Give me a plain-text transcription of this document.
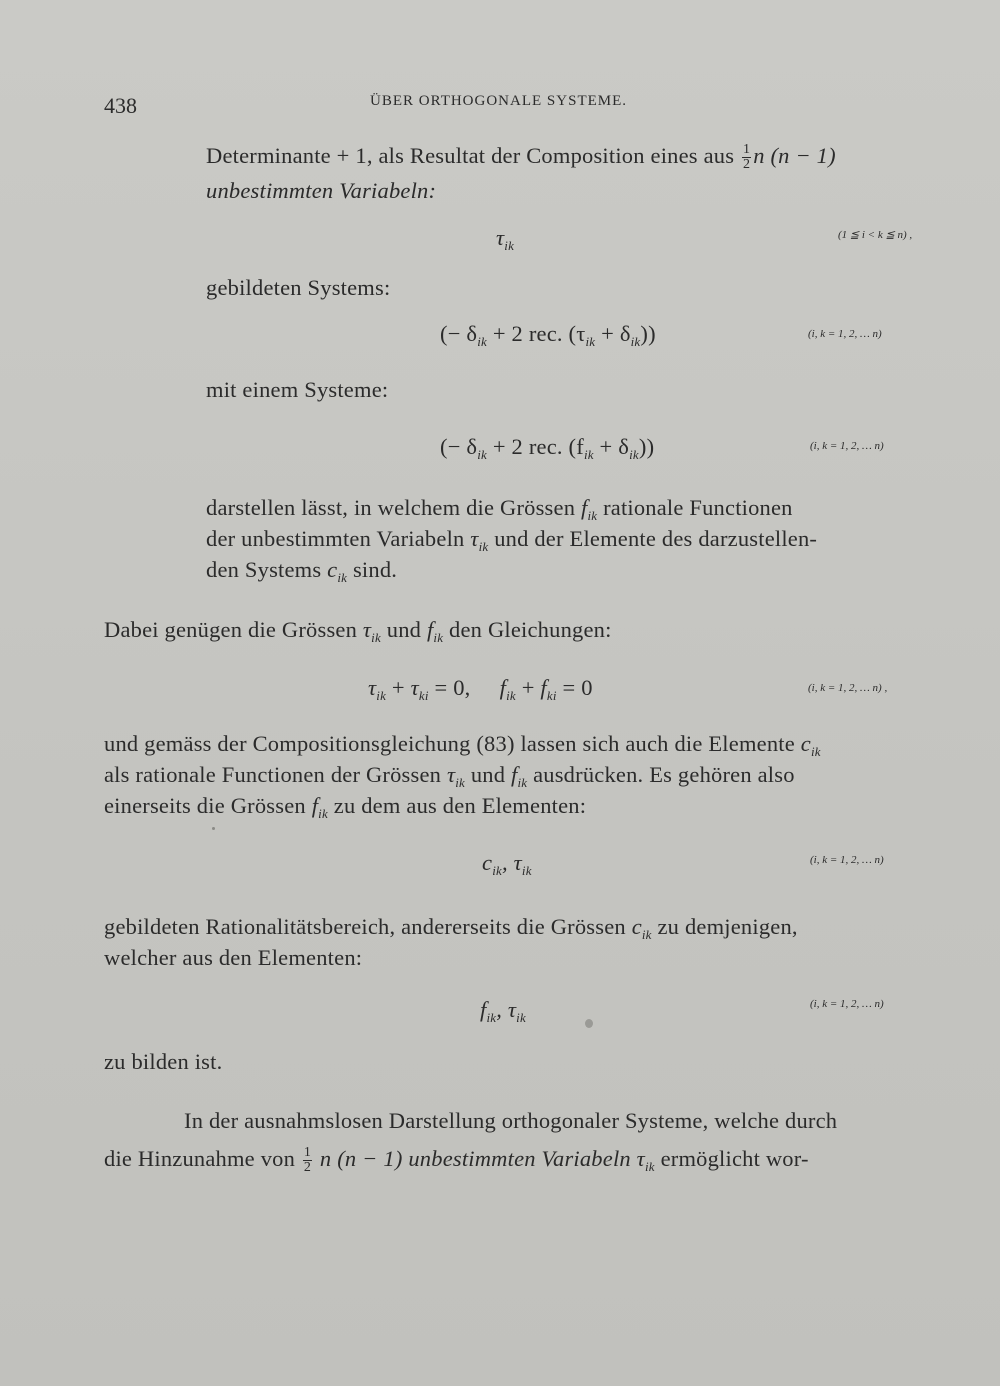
438	ÜBER ORTHOGONALE SYSTEME.
Determinante + 1, als Resultat der Composition eines aus $\frac{1}{2}$ n (n − 1)
unbestimmten Variabeln:
$\tau_{ik}$
(1 ≦ i < k ≦ n) ,
gebildeten Systems:
(− $\delta_{ik} + 2$ rec. $(\tau_{ik} + \delta_{ik})$)	(i, k = 1, 2, … n)
mit einem Systeme:
(− $\delta_{ik} + 2$ rec. $(f_{ik} + \delta_{ik})$)	(i, k = 1, 2, … n)
darstellen lässt, in welchem die Grössen $f_{ik}$ rationale Functionen
der unbestimmten Variabeln $\tau_{ik}$ und der Elemente des darzustellen-
den Systems $c_{ik}$ sind.
Dabei genügen die Grössen $\tau_{ik}$ und $f_{ik}$ den Gleichungen:
$\tau_{ik} + \tau_{ki} = 0$, $f_{ik} + f_{ki} = 0$	(i, k = 1, 2, … n) ,
und gemäss der Compositionsgleichung (83) lassen sich auch die Elemente $c_{ik}$
als rationale Functionen der Grössen $\tau_{ik}$ und $f_{ik}$ ausdrücken. Es gehören also
einerseits die Grössen $f_{ik}$ zu dem aus den Elementen:
$c_{ik}$, $\tau_{ik}$
(i, k = 1, 2, … n)
gebildeten Rationalitätsbereich, andererseits die Grössen $c_{ik}$ zu demjenigen,
welcher aus den Elementen:
$f_{ik}$, $\tau_{ik}$
(i, k = 1, 2, … n)
zu bilden ist.
In der ausnahmslosen Darstellung orthogonaler Systeme, welche durch
die Hinzunahme von $\frac{1}{2}$ n (n − 1) unbestimmten Variabeln $\tau_{ik}$ ermöglicht wor-
